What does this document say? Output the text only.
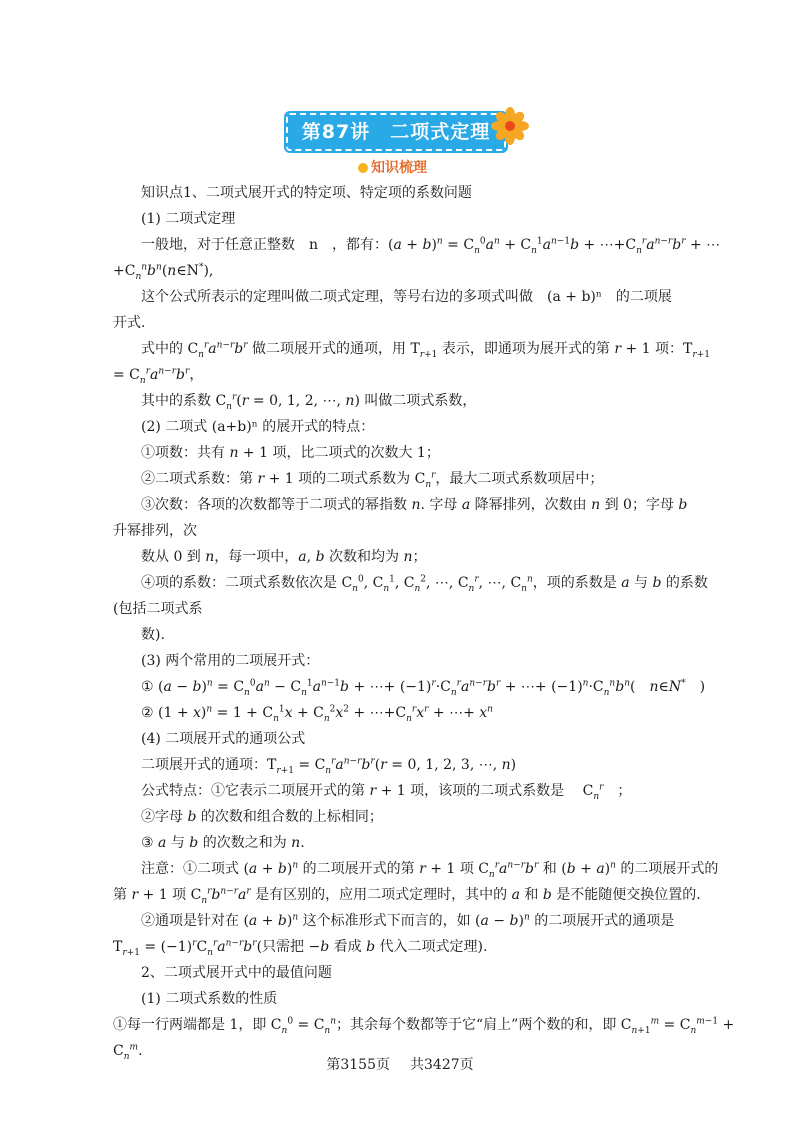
第87讲　二项式定理
知识梳理
知识点1、二项式展开式的特定项、特定项的系数问题
(1) 二项式定理
一般地，对于任意正整数　n　，都有：$(a + b)^n = C_n^0a^n + C_n^1a^{n-1}b$ + $\cdots+C_n^ra^{n-r}b^r$ + ⋯
$+C_n^nb^n(n\in N^*)$,
这个公式所表示的定理叫做二项式定理，等号右边的多项式叫做　(a + b)ⁿ　的二项展
开式.
式中的 $C_n^ra^{n-r}b^r$ 做二项展开式的通项，用 $T_{r+1}$ 表示，即通项为展开式的第 r + 1 项：$T_{r+1}$
= $C_n^ra^{n-r}b^r$，
其中的系数 $C_n^r(r = 0$, 1, 2, ⋯, n) 叫做二项式系数，
(2) 二项式 (a+b)ⁿ 的展开式的特点：
①项数：共有 n + 1 项，比二项式的次数大 1；
②二项式系数：第 r + 1 项的二项式系数为 $C_n^r$，最大二项式系数项居中；
③次数：各项的次数都等于二项式的幂指数 n. 字母 a 降幂排列，次数由 n 到 0；字母 b
升幂排列，次
数从 0 到 n，每一项中，a, b 次数和均为 n；
④项的系数：二项式系数依次是 $C_n^0$, $C_n^1$, $C_n^2$, ⋯, $C_n^r$, ⋯, $C_n^n$，项的系数是 a 与 b 的系数
(包括二项式系
数).
(3) 两个常用的二项展开式：
① $(a - b)^n = C_n^0a^n - C_n^1a^{n-1}b$ + ⋯+ $(-1)^r\cdot C_n^ra^{n-r}b^r$ + ⋯+ $(-1)^n\cdot C_n^nb^n$(　n∈N*　)
② $(1 + x)^n = 1 + C_n^1x + C_n^2x^2$ + $\cdots+C_n^rx^r$ + ⋯+ $x^n$
(4) 二项展开式的通项公式
二项展开式的通项：$T_{r+1} = C_n^ra^{n-r}b^r(r = 0$, 1, 2, 3, ⋯, n)
公式特点：①它表示二项展开式的第 r + 1 项，该项的二项式系数是　 $C_n^r$　；
②字母 b 的次数和组合数的上标相同；
③ a 与 b 的次数之和为 n.
注意：①二项式 $(a + b)^n$ 的二项展开式的第 r + 1 项 $C_n^ra^{n-r}b^r$ 和 $(b + a)^n$ 的二项展开式的
第 r + 1 项 $C_n^rb^{n-r}a^r$ 是有区别的，应用二项式定理时，其中的 a 和 b 是不能随便交换位置的.
②通项是针对在 $(a + b)^n$ 这个标准形式下而言的，如 $(a - b)^n$ 的二项展开式的通项是
$T_{r+1} = (-1)^rC_n^ra^{n-r}b^r$(只需把 −b 看成 b 代入二项式定理).
2、二项式展开式中的最值问题
(1) 二项式系数的性质
①每一行两端都是 1，即 $C_n^0 = C_n^n$；其余每个数都等于它“肩上”两个数的和，即 $C_{n+1}^m = C_n^{m-1}$ +
$C_n^m$.
第3155页 共3427页
